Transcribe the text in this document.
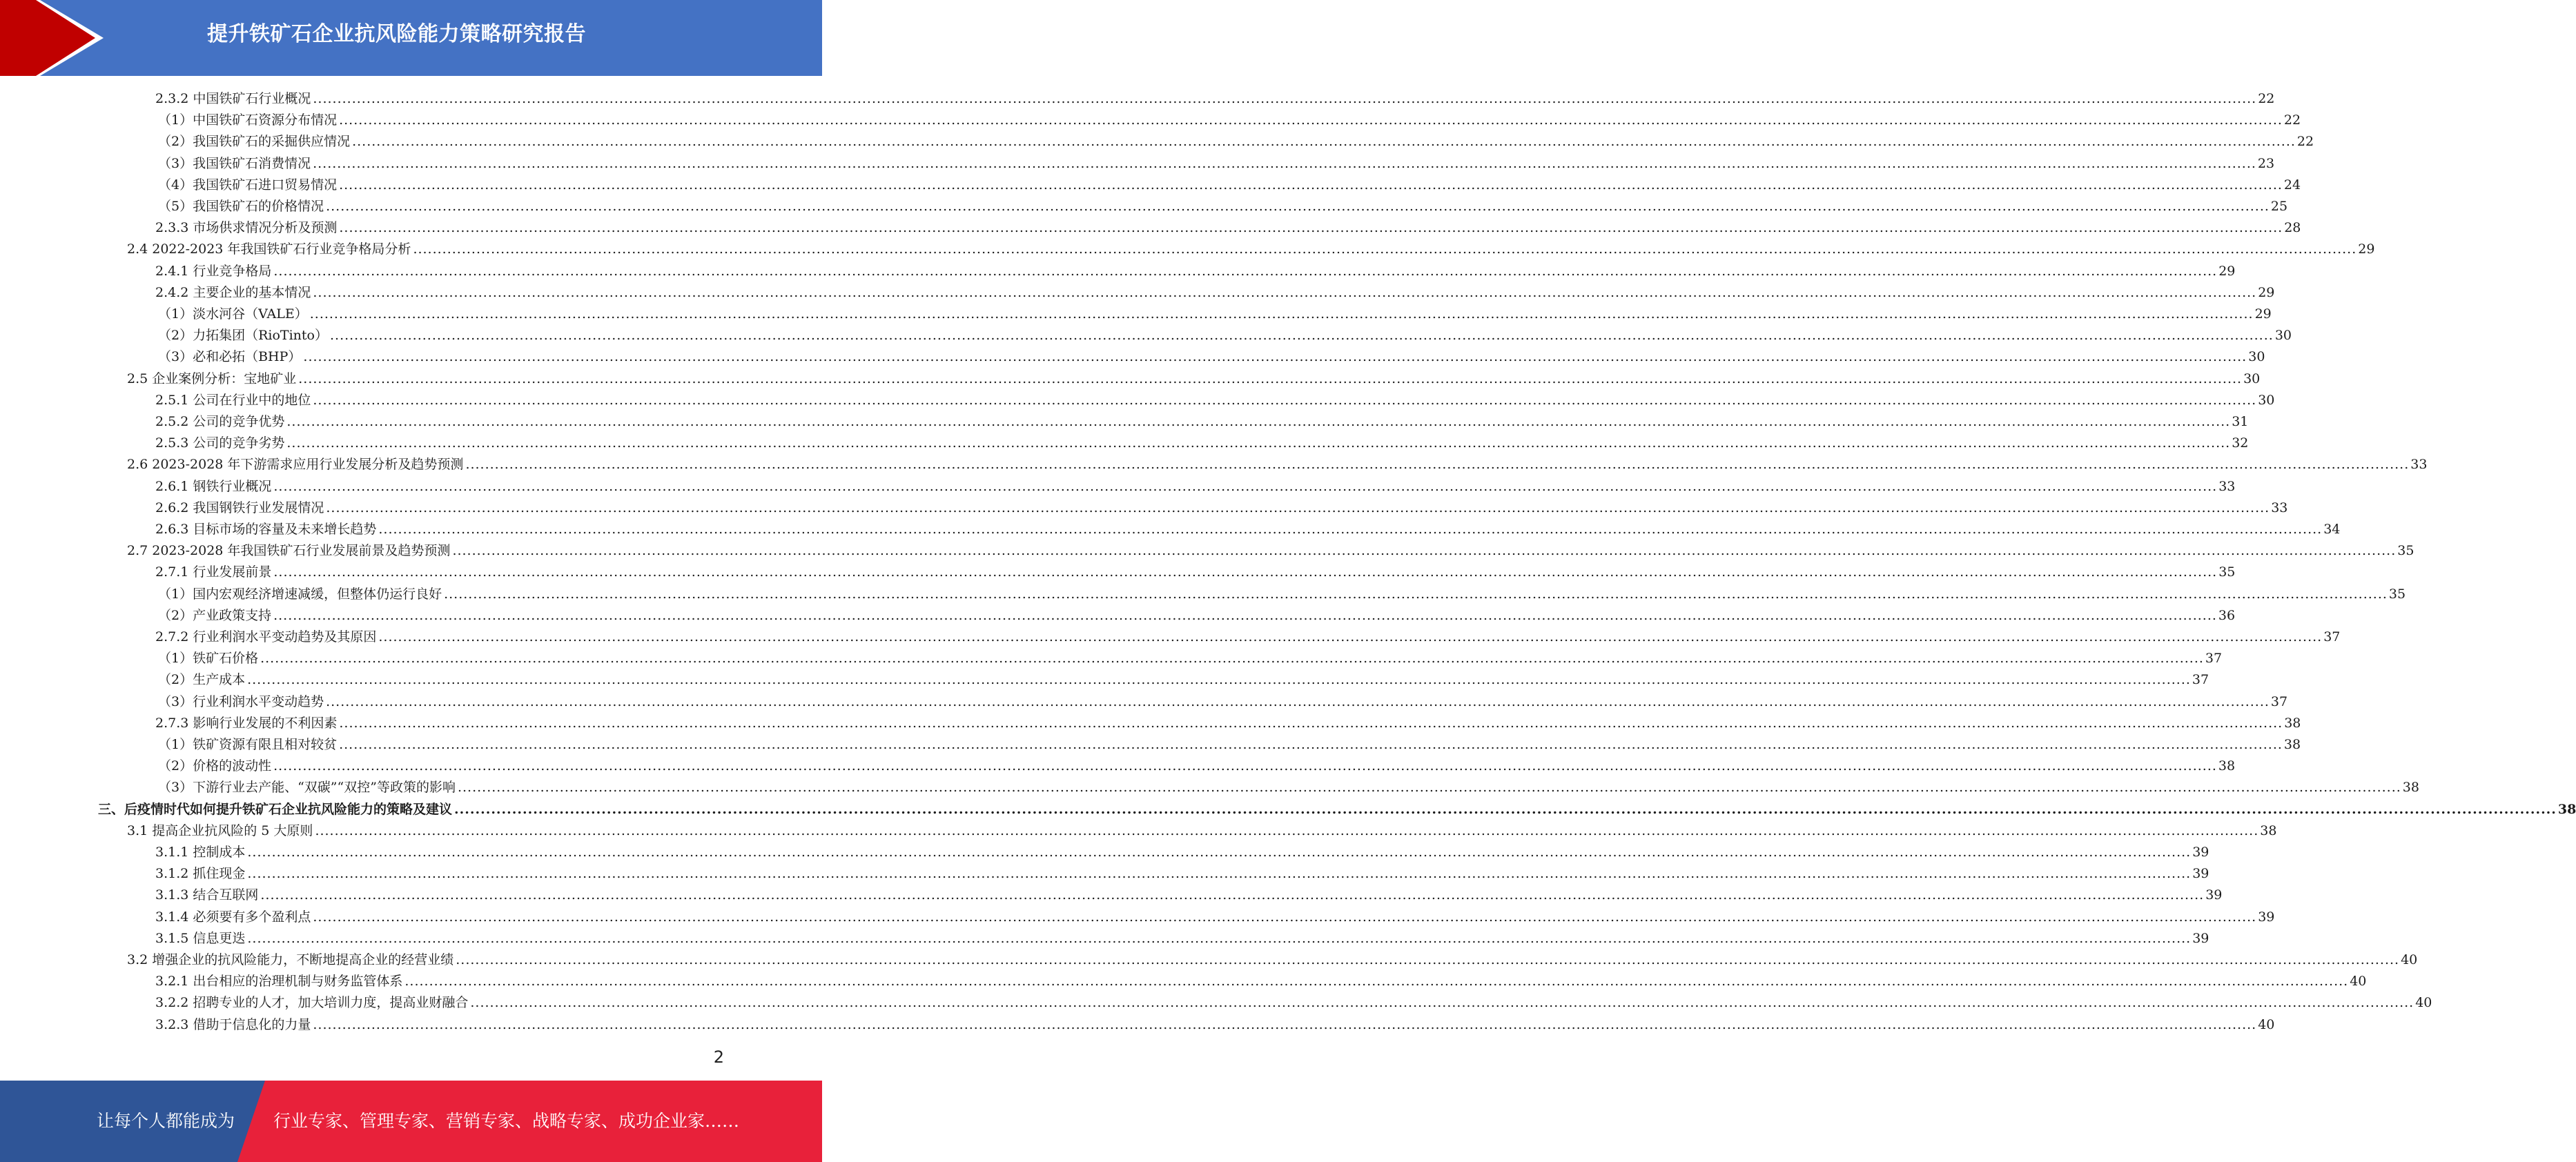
提升铁矿石企业抗风险能力策略研究报告
2.3.2 中国铁矿石行业概况 ................................................................................................................................................................................................................................................................................................................................................................................................................ 22
（1）中国铁矿石资源分布情况 ................................................................................................................................................................................................................................................................................................................................................................................................................ 22
（2）我国铁矿石的采掘供应情况 ................................................................................................................................................................................................................................................................................................................................................................................................................ 22
（3）我国铁矿石消费情况 ................................................................................................................................................................................................................................................................................................................................................................................................................ 23
（4）我国铁矿石进口贸易情况 ................................................................................................................................................................................................................................................................................................................................................................................................................ 24
（5）我国铁矿石的价格情况 ................................................................................................................................................................................................................................................................................................................................................................................................................ 25
2.3.3 市场供求情况分析及预测 ................................................................................................................................................................................................................................................................................................................................................................................................................ 28
2.4 2022-2023 年我国铁矿石行业竞争格局分析 ................................................................................................................................................................................................................................................................................................................................................................................................................ 29
2.4.1 行业竞争格局 ................................................................................................................................................................................................................................................................................................................................................................................................................ 29
2.4.2 主要企业的基本情况 ................................................................................................................................................................................................................................................................................................................................................................................................................ 29
（1）淡水河谷（VALE） ................................................................................................................................................................................................................................................................................................................................................................................................................ 29
（2）力拓集团（RioTinto） ................................................................................................................................................................................................................................................................................................................................................................................................................ 30
（3）必和必拓（BHP） ................................................................................................................................................................................................................................................................................................................................................................................................................ 30
2.5 企业案例分析：宝地矿业 ................................................................................................................................................................................................................................................................................................................................................................................................................ 30
2.5.1 公司在行业中的地位 ................................................................................................................................................................................................................................................................................................................................................................................................................ 30
2.5.2 公司的竞争优势 ................................................................................................................................................................................................................................................................................................................................................................................................................ 31
2.5.3 公司的竞争劣势 ................................................................................................................................................................................................................................................................................................................................................................................................................ 32
2.6 2023-2028 年下游需求应用行业发展分析及趋势预测 ................................................................................................................................................................................................................................................................................................................................................................................................................ 33
2.6.1 钢铁行业概况 ................................................................................................................................................................................................................................................................................................................................................................................................................ 33
2.6.2 我国钢铁行业发展情况 ................................................................................................................................................................................................................................................................................................................................................................................................................ 33
2.6.3 目标市场的容量及未来增长趋势 ................................................................................................................................................................................................................................................................................................................................................................................................................ 34
2.7 2023-2028 年我国铁矿石行业发展前景及趋势预测 ................................................................................................................................................................................................................................................................................................................................................................................................................ 35
2.7.1 行业发展前景 ................................................................................................................................................................................................................................................................................................................................................................................................................ 35
（1）国内宏观经济增速减缓，但整体仍运行良好 ................................................................................................................................................................................................................................................................................................................................................................................................................ 35
（2）产业政策支持 ................................................................................................................................................................................................................................................................................................................................................................................................................ 36
2.7.2 行业利润水平变动趋势及其原因 ................................................................................................................................................................................................................................................................................................................................................................................................................ 37
（1）铁矿石价格 ................................................................................................................................................................................................................................................................................................................................................................................................................ 37
（2）生产成本 ................................................................................................................................................................................................................................................................................................................................................................................................................ 37
（3）行业利润水平变动趋势 ................................................................................................................................................................................................................................................................................................................................................................................................................ 37
2.7.3 影响行业发展的不利因素 ................................................................................................................................................................................................................................................................................................................................................................................................................ 38
（1）铁矿资源有限且相对较贫 ................................................................................................................................................................................................................................................................................................................................................................................................................ 38
（2）价格的波动性 ................................................................................................................................................................................................................................................................................................................................................................................................................ 38
（3）下游行业去产能、“双碳”“双控”等政策的影响 ................................................................................................................................................................................................................................................................................................................................................................................................................ 38
三、后疫情时代如何提升铁矿石企业抗风险能力的策略及建议 ................................................................................................................................................................................................................................................................................................................................................................................................................ 38
3.1 提高企业抗风险的 5 大原则 ................................................................................................................................................................................................................................................................................................................................................................................................................ 38
3.1.1 控制成本 ................................................................................................................................................................................................................................................................................................................................................................................................................ 39
3.1.2 抓住现金 ................................................................................................................................................................................................................................................................................................................................................................................................................ 39
3.1.3 结合互联网 ................................................................................................................................................................................................................................................................................................................................................................................................................ 39
3.1.4 必须要有多个盈利点 ................................................................................................................................................................................................................................................................................................................................................................................................................ 39
3.1.5 信息更迭 ................................................................................................................................................................................................................................................................................................................................................................................................................ 39
3.2 增强企业的抗风险能力，不断地提高企业的经营业绩 ................................................................................................................................................................................................................................................................................................................................................................................................................ 40
3.2.1 出台相应的治理机制与财务监管体系 ................................................................................................................................................................................................................................................................................................................................................................................................................ 40
3.2.2 招聘专业的人才，加大培训力度，提高业财融合 ................................................................................................................................................................................................................................................................................................................................................................................................................ 40
3.2.3 借助于信息化的力量 ................................................................................................................................................................................................................................................................................................................................................................................................................ 40
2
让每个人都能成为 行业专家、管理专家、营销专家、战略专家、成功企业家……
